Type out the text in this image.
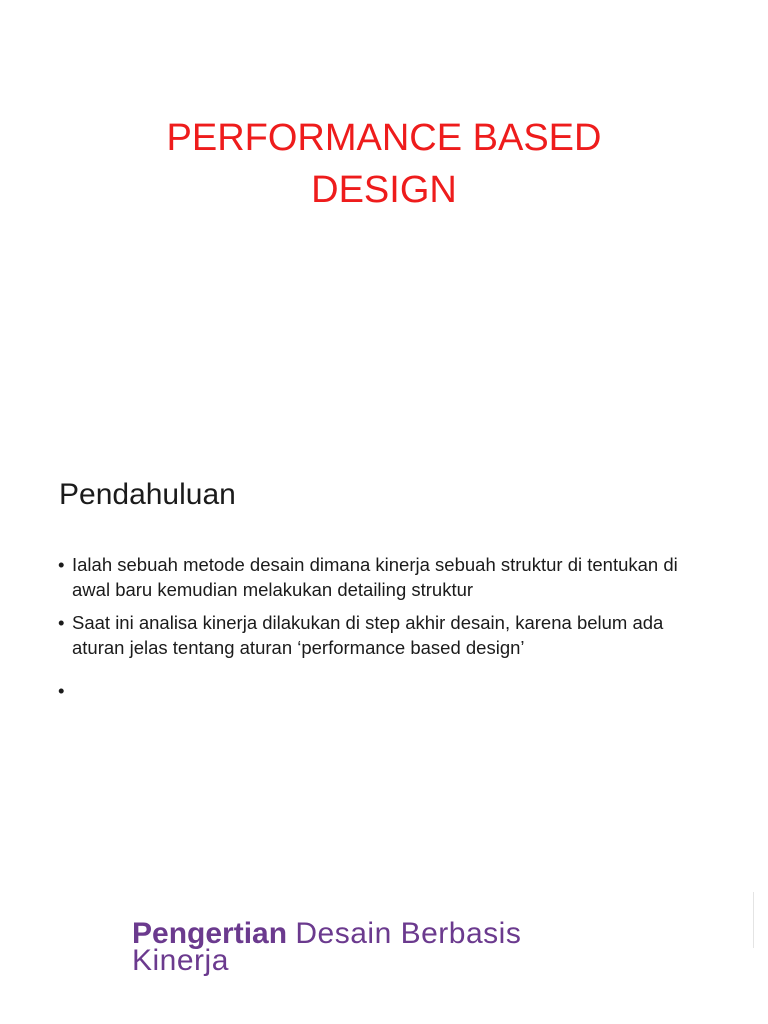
PERFORMANCE BASED
DESIGN
Pendahuluan
• Ialah sebuah metode desain dimana kinerja sebuah struktur di tentukan di awal baru kemudian melakukan detailing struktur
• Saat ini analisa kinerja dilakukan di step akhir desain, karena belum ada aturan jelas tentang aturan ‘performance based design’
•
Pengertian Desain Berbasis
Kinerja
